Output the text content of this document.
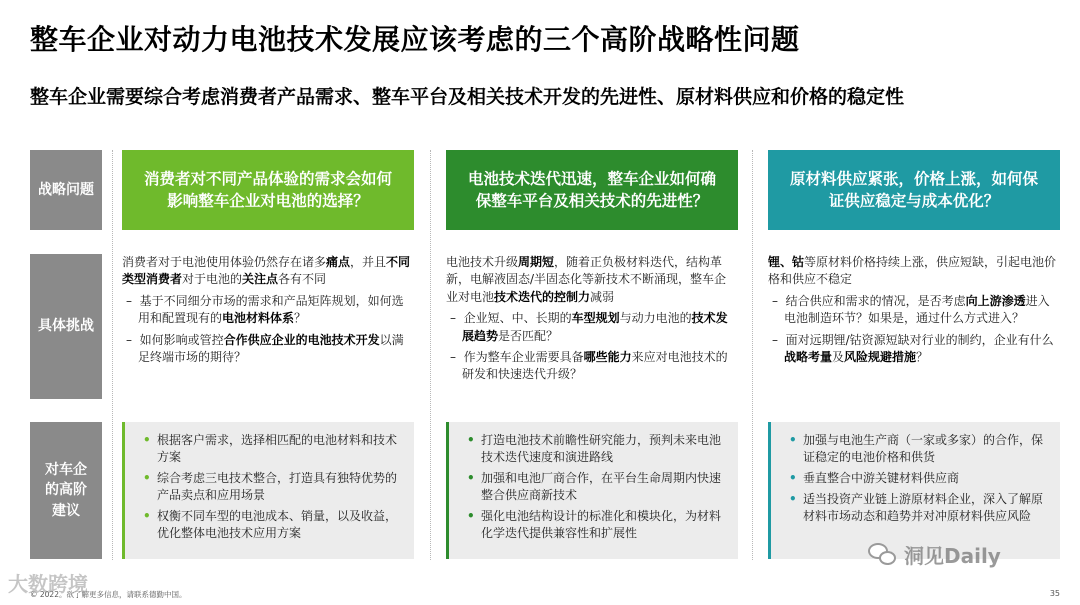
整车企业对动力电池技术发展应该考虑的三个高阶战略性问题
整车企业需要综合考虑消费者产品需求、整车平台及相关技术开发的先进性、原材料供应和价格的稳定性
战略问题
具体挑战
对车企的高阶建议
消费者对不同产品体验的需求会如何影响整车企业对电池的选择？
电池技术迭代迅速，整车企业如何确保整车平台及相关技术的先进性？
原材料供应紧张，价格上涨，如何保证供应稳定与成本优化？

消费者对于电池使用体验仍然存在诸多痛点，并且不同类型消费者对于电池的关注点各有不同

–  基于不同细分市场的需求和产品矩阵规划，如何选用和配置现有的电池材料体系？

–  如何影响或管控合作供应企业的电池技术开发以满足终端市场的期待？

电池技术升级周期短，随着正负极材料迭代，结构革新，电解液固态/半固态化等新技术不断涌现，整车企业对电池技术迭代的控制力减弱

–  企业短、中、长期的车型规划与动力电池的技术发展趋势是否匹配？

–  作为整车企业需要具备哪些能力来应对电池技术的研发和快速迭代升级？

锂、钴等原材料价格持续上涨，供应短缺，引起电池价格和供应不稳定

–  结合供应和需求的情况，是否考虑向上游渗透进入电池制造环节？如果是，通过什么方式进入？

–  面对远期锂/钴资源短缺对行业的制约，企业有什么战略考量及风险规避措施？

• 根据客户需求，选择相匹配的电池材料和技术方案
• 综合考虑三电技术整合，打造具有独特优势的产品卖点和应用场景
• 权衡不同车型的电池成本、销量，以及收益，优化整体电池技术应用方案
• 打造电池技术前瞻性研究能力，预判未来电池技术迭代速度和演进路线
• 加强和电池厂商合作，在平台生命周期内快速整合供应商新技术
• 强化电池结构设计的标准化和模块化，为材料化学迭代提供兼容性和扩展性
• 加强与电池生产商（一家或多家）的合作，保证稳定的电池价格和供货
• 垂直整合中游关键材料供应商
• 适当投资产业链上游原材料企业，深入了解原材料市场动态和趋势并对冲原材料供应风险
© 2022。欲了解更多信息，请联系德勤中国。	35
大数跨境
洞见Daily
